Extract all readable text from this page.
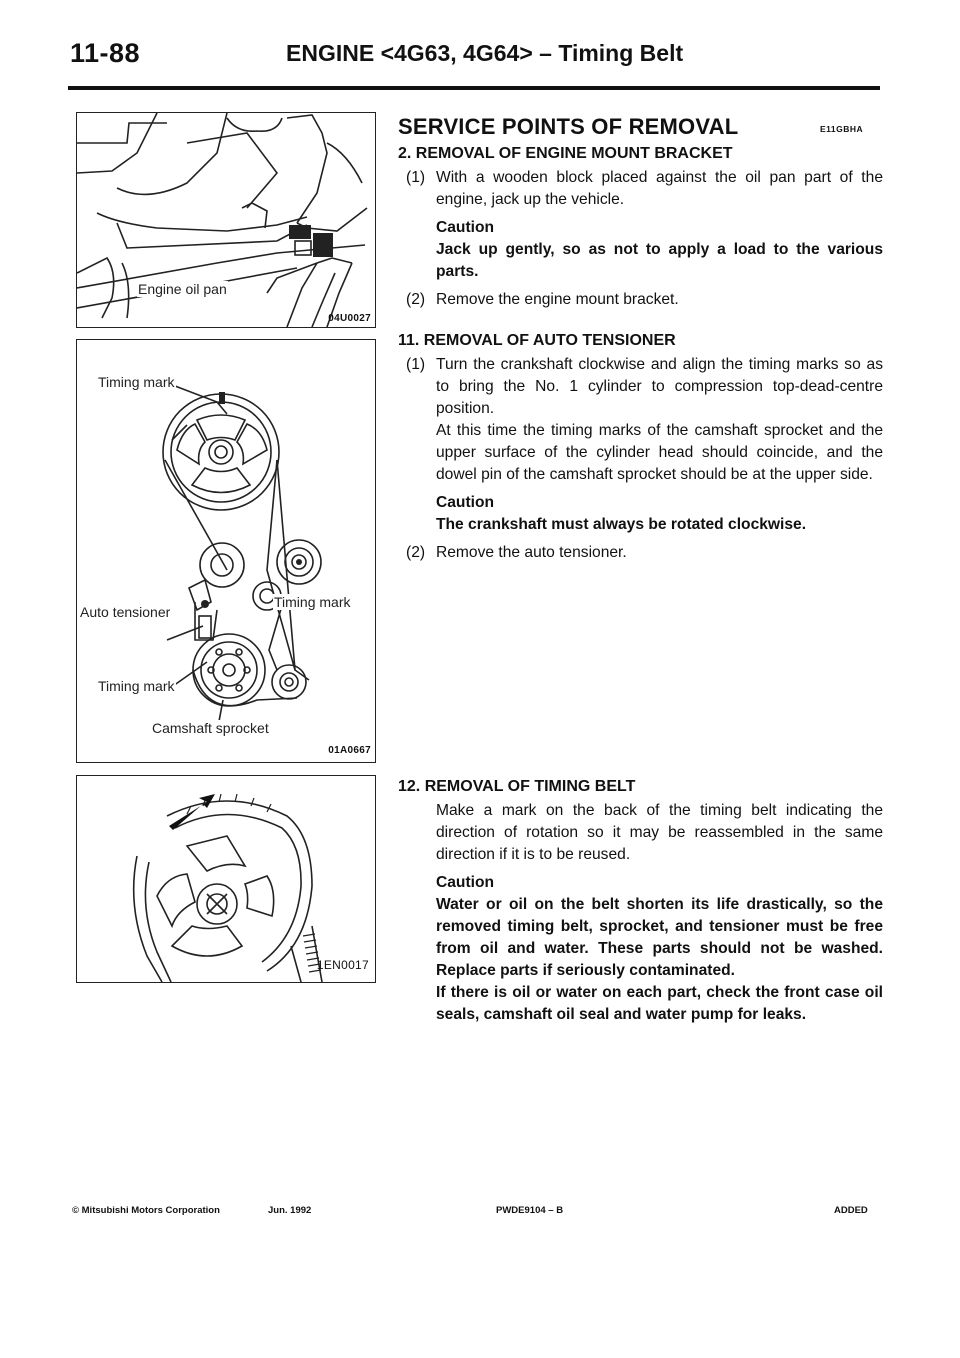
11-88	ENGINE <4G63, 4G64> – Timing Belt
Engine oil pan
04U0027
Timing mark
Timing mark
Auto tensioner
Timing mark
Camshaft sprocket
01A0667
1EN0017
SERVICE POINTS OF REMOVAL	E11GBHA
2. REMOVAL OF ENGINE MOUNT BRACKET
(1) With a wooden block placed against the oil pan part of the engine, jack up the vehicle.
Caution
Jack up gently, so as not to apply a load to the various parts.
(2) Remove the engine mount bracket.
11. REMOVAL OF AUTO TENSIONER
(1) Turn the crankshaft clockwise and align the timing marks so as to bring the No. 1 cylinder to compression top-dead-centre position.
At this time the timing marks of the camshaft sprocket and the upper surface of the cylinder head should coincide, and the dowel pin of the camshaft sprocket should be at the upper side.
Caution
The crankshaft must always be rotated clockwise.
(2) Remove the auto tensioner.
12. REMOVAL OF TIMING BELT
Make a mark on the back of the timing belt indicating the direction of rotation so it may be reassembled in the same direction if it is to be reused.
Caution
Water or oil on the belt shorten its life drastically, so the removed timing belt, sprocket, and tensioner must be free from oil and water. These parts should not be washed. Replace parts if seriously contaminated.
If there is oil or water on each part, check the front case oil seals, camshaft oil seal and water pump for leaks.
© Mitsubishi Motors Corporation	Jun. 1992	PWDE9104 – B	ADDED
